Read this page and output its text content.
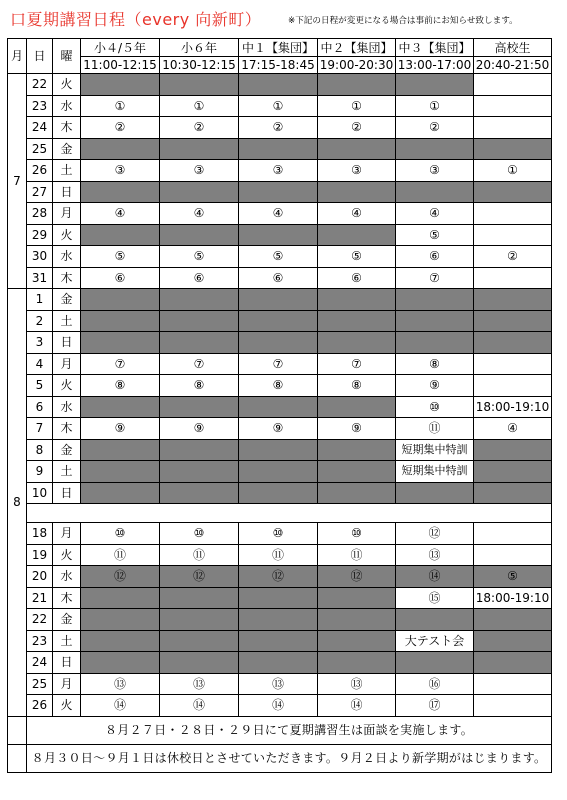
口夏期講習日程（every 向新町）	※下記の日程が変更になる場合は事前にお知らせ致します。
月	日	曜	小４/５年	小６年	中１【集団】	中２【集団】	中３【集団】	高校生
			11:00-12:15	10:30-12:15	17:15-18:45	19:00-20:30	13:00-17:00	20:40-21:50
7	22	火						
	23	水	①	①	①	①	①	
	24	木	②	②	②	②	②	
	25	金						
	26	土	③	③	③	③	③	①
	27	日						
	28	月	④	④	④	④	④	
	29	火					⑤	
	30	水	⑤	⑤	⑤	⑤	⑥	②
	31	木	⑥	⑥	⑥	⑥	⑦	
8	1	金						
	2	土						
	3	日						
	4	月	⑦	⑦	⑦	⑦	⑧	
	5	火	⑧	⑧	⑧	⑧	⑨	
	6	水					⑩	18:00-19:10
	7	木	⑨	⑨	⑨	⑨	⑪	④
	8	金					短期集中特訓	
	9	土					短期集中特訓	
	10	日						

	18	月	⑩	⑩	⑩	⑩	⑫	
	19	火	⑪	⑪	⑪	⑪	⑬	
	20	水	⑫	⑫	⑫	⑫	⑭	⑤
	21	木					⑮	18:00-19:10
	22	金						
	23	土					大テスト会	
	24	日						
	25	月	⑬	⑬	⑬	⑬	⑯	
	26	火	⑭	⑭	⑭	⑭	⑰	
	８月２７日・２８日・２９日にて夏期講習生は面談を実施します。							
	８月３０日～９月１日は休校日とさせていただきます。９月２日より新学期がはじまります。							
